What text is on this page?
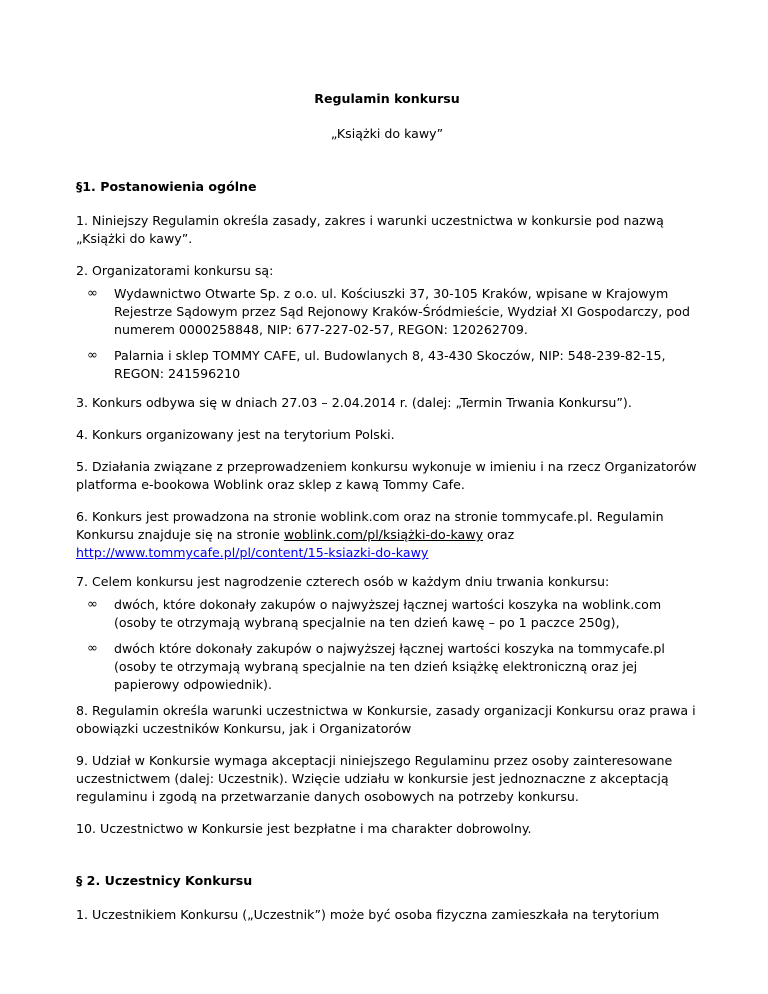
Regulamin konkursu

„Książki do kawy”

§1. Postanowienia ogólne

1. Niniejszy Regulamin określa zasady, zakres i warunki uczestnictwa w konkursie pod nazwą „Książki do kawy”.

2. Organizatorami konkursu są:

∞ Wydawnictwo Otwarte Sp. z o.o. ul. Kościuszki 37, 30-105 Kraków, wpisane w Krajowym Rejestrze Sądowym przez Sąd Rejonowy Kraków-Śródmieście, Wydział XI Gospodarczy, pod numerem 0000258848, NIP: 677-227-02-57, REGON: 120262709.
∞ Palarnia i sklep TOMMY CAFE, ul. Budowlanych 8, 43-430 Skoczów, NIP: 548-239-82-15, REGON: 241596210

3. Konkurs odbywa się w dniach 27.03 – 2.04.2014 r. (dalej: „Termin Trwania Konkursu”).

4. Konkurs organizowany jest na terytorium Polski.

5. Działania związane z przeprowadzeniem konkursu wykonuje w imieniu i na rzecz Organizatorów platforma e-bookowa Woblink oraz sklep z kawą Tommy Cafe.

6. Konkurs jest prowadzona na stronie woblink.com oraz na stronie tommycafe.pl. Regulamin Konkursu znajduje się na stronie woblink.com/pl/książki-do-kawy oraz http://www.tommycafe.pl/pl/content/15-ksiazki-do-kawy

7. Celem konkursu jest nagrodzenie czterech osób w każdym dniu trwania konkursu:

∞ dwóch, które dokonały zakupów o najwyższej łącznej wartości koszyka na woblink.com (osoby te otrzymają wybraną specjalnie na ten dzień kawę – po 1 paczce 250g),
∞ dwóch które dokonały zakupów o najwyższej łącznej wartości koszyka na tommycafe.pl (osoby te otrzymają wybraną specjalnie na ten dzień książkę elektroniczną oraz jej papierowy odpowiednik).

8. Regulamin określa warunki uczestnictwa w Konkursie, zasady organizacji Konkursu oraz prawa i obowiązki uczestników Konkursu, jak i Organizatorów

9. Udział w Konkursie wymaga akceptacji niniejszego Regulaminu przez osoby zainteresowane uczestnictwem (dalej: Uczestnik). Wzięcie udziału w konkursie jest jednoznaczne z akceptacją regulaminu i zgodą na przetwarzanie danych osobowych na potrzeby konkursu.

10. Uczestnictwo w Konkursie jest bezpłatne i ma charakter dobrowolny.

§ 2. Uczestnicy Konkursu

1. Uczestnikiem Konkursu („Uczestnik”) może być osoba fizyczna zamieszkała na terytorium
